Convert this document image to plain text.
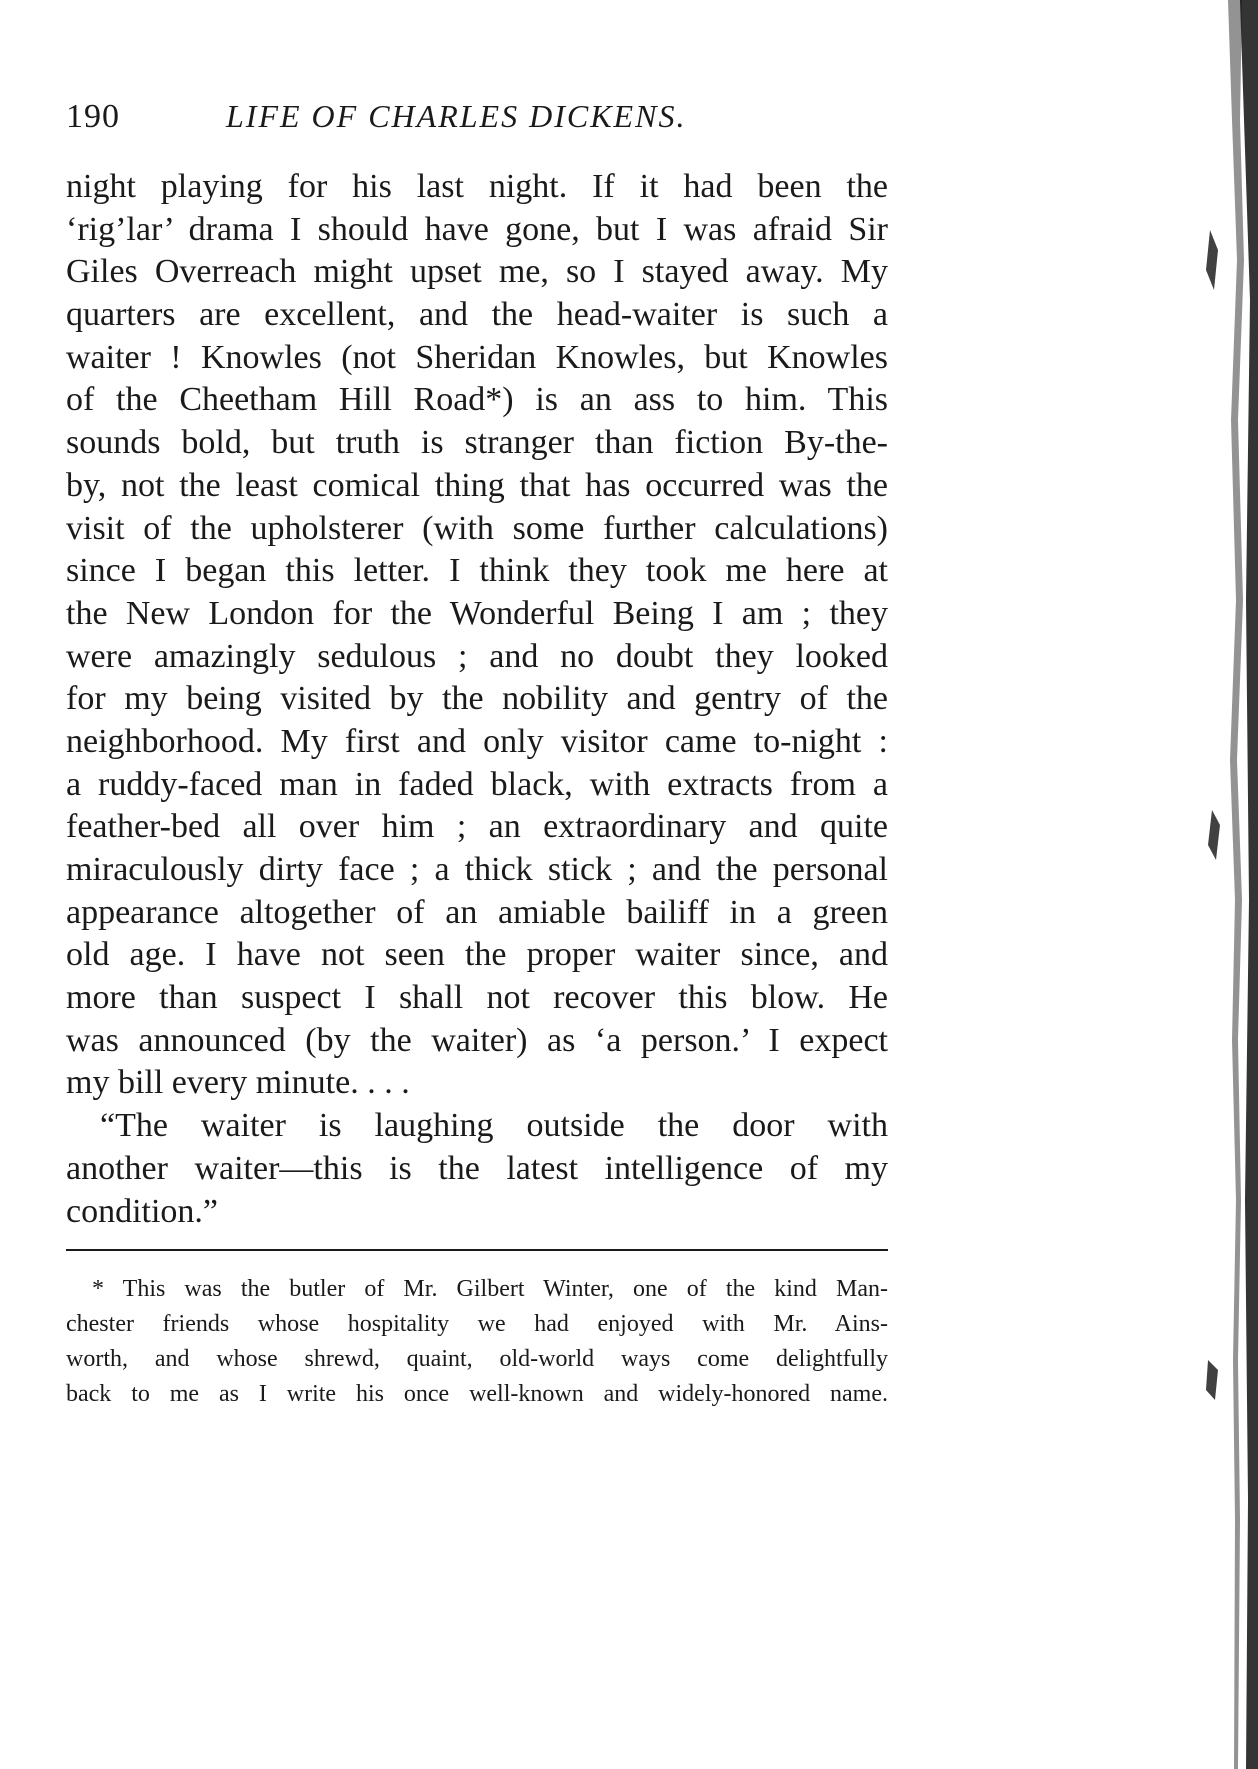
190	LIFE OF CHARLES DICKENS.
night playing for his last night. If it had been the
‘rig’lar’ drama I should have gone, but I was afraid Sir
Giles Overreach might upset me, so I stayed away. My
quarters are excellent, and the head-waiter is such a
waiter ! Knowles (not Sheridan Knowles, but Knowles
of the Cheetham Hill Road*) is an ass to him. This
sounds bold, but truth is stranger than fiction By-the-
by, not the least comical thing that has occurred was the
visit of the upholsterer (with some further calculations)
since I began this letter. I think they took me here at
the New London for the Wonderful Being I am ; they
were amazingly sedulous ; and no doubt they looked
for my being visited by the nobility and gentry of the
neighborhood. My first and only visitor came to-night :
a ruddy-faced man in faded black, with extracts from a
feather-bed all over him ; an extraordinary and quite
miraculously dirty face ; a thick stick ; and the personal
appearance altogether of an amiable bailiff in a green
old age. I have not seen the proper waiter since, and
more than suspect I shall not recover this blow. He
was announced (by the waiter) as ‘a person.’ I expect
my bill every minute. . . .
“The waiter is laughing outside the door with
another waiter—this is the latest intelligence of my
condition.”
* This was the butler of Mr. Gilbert Winter, one of the kind Man-
chester friends whose hospitality we had enjoyed with Mr. Ains-
worth, and whose shrewd, quaint, old-world ways come delightfully
back to me as I write his once well-known and widely-honored name.
